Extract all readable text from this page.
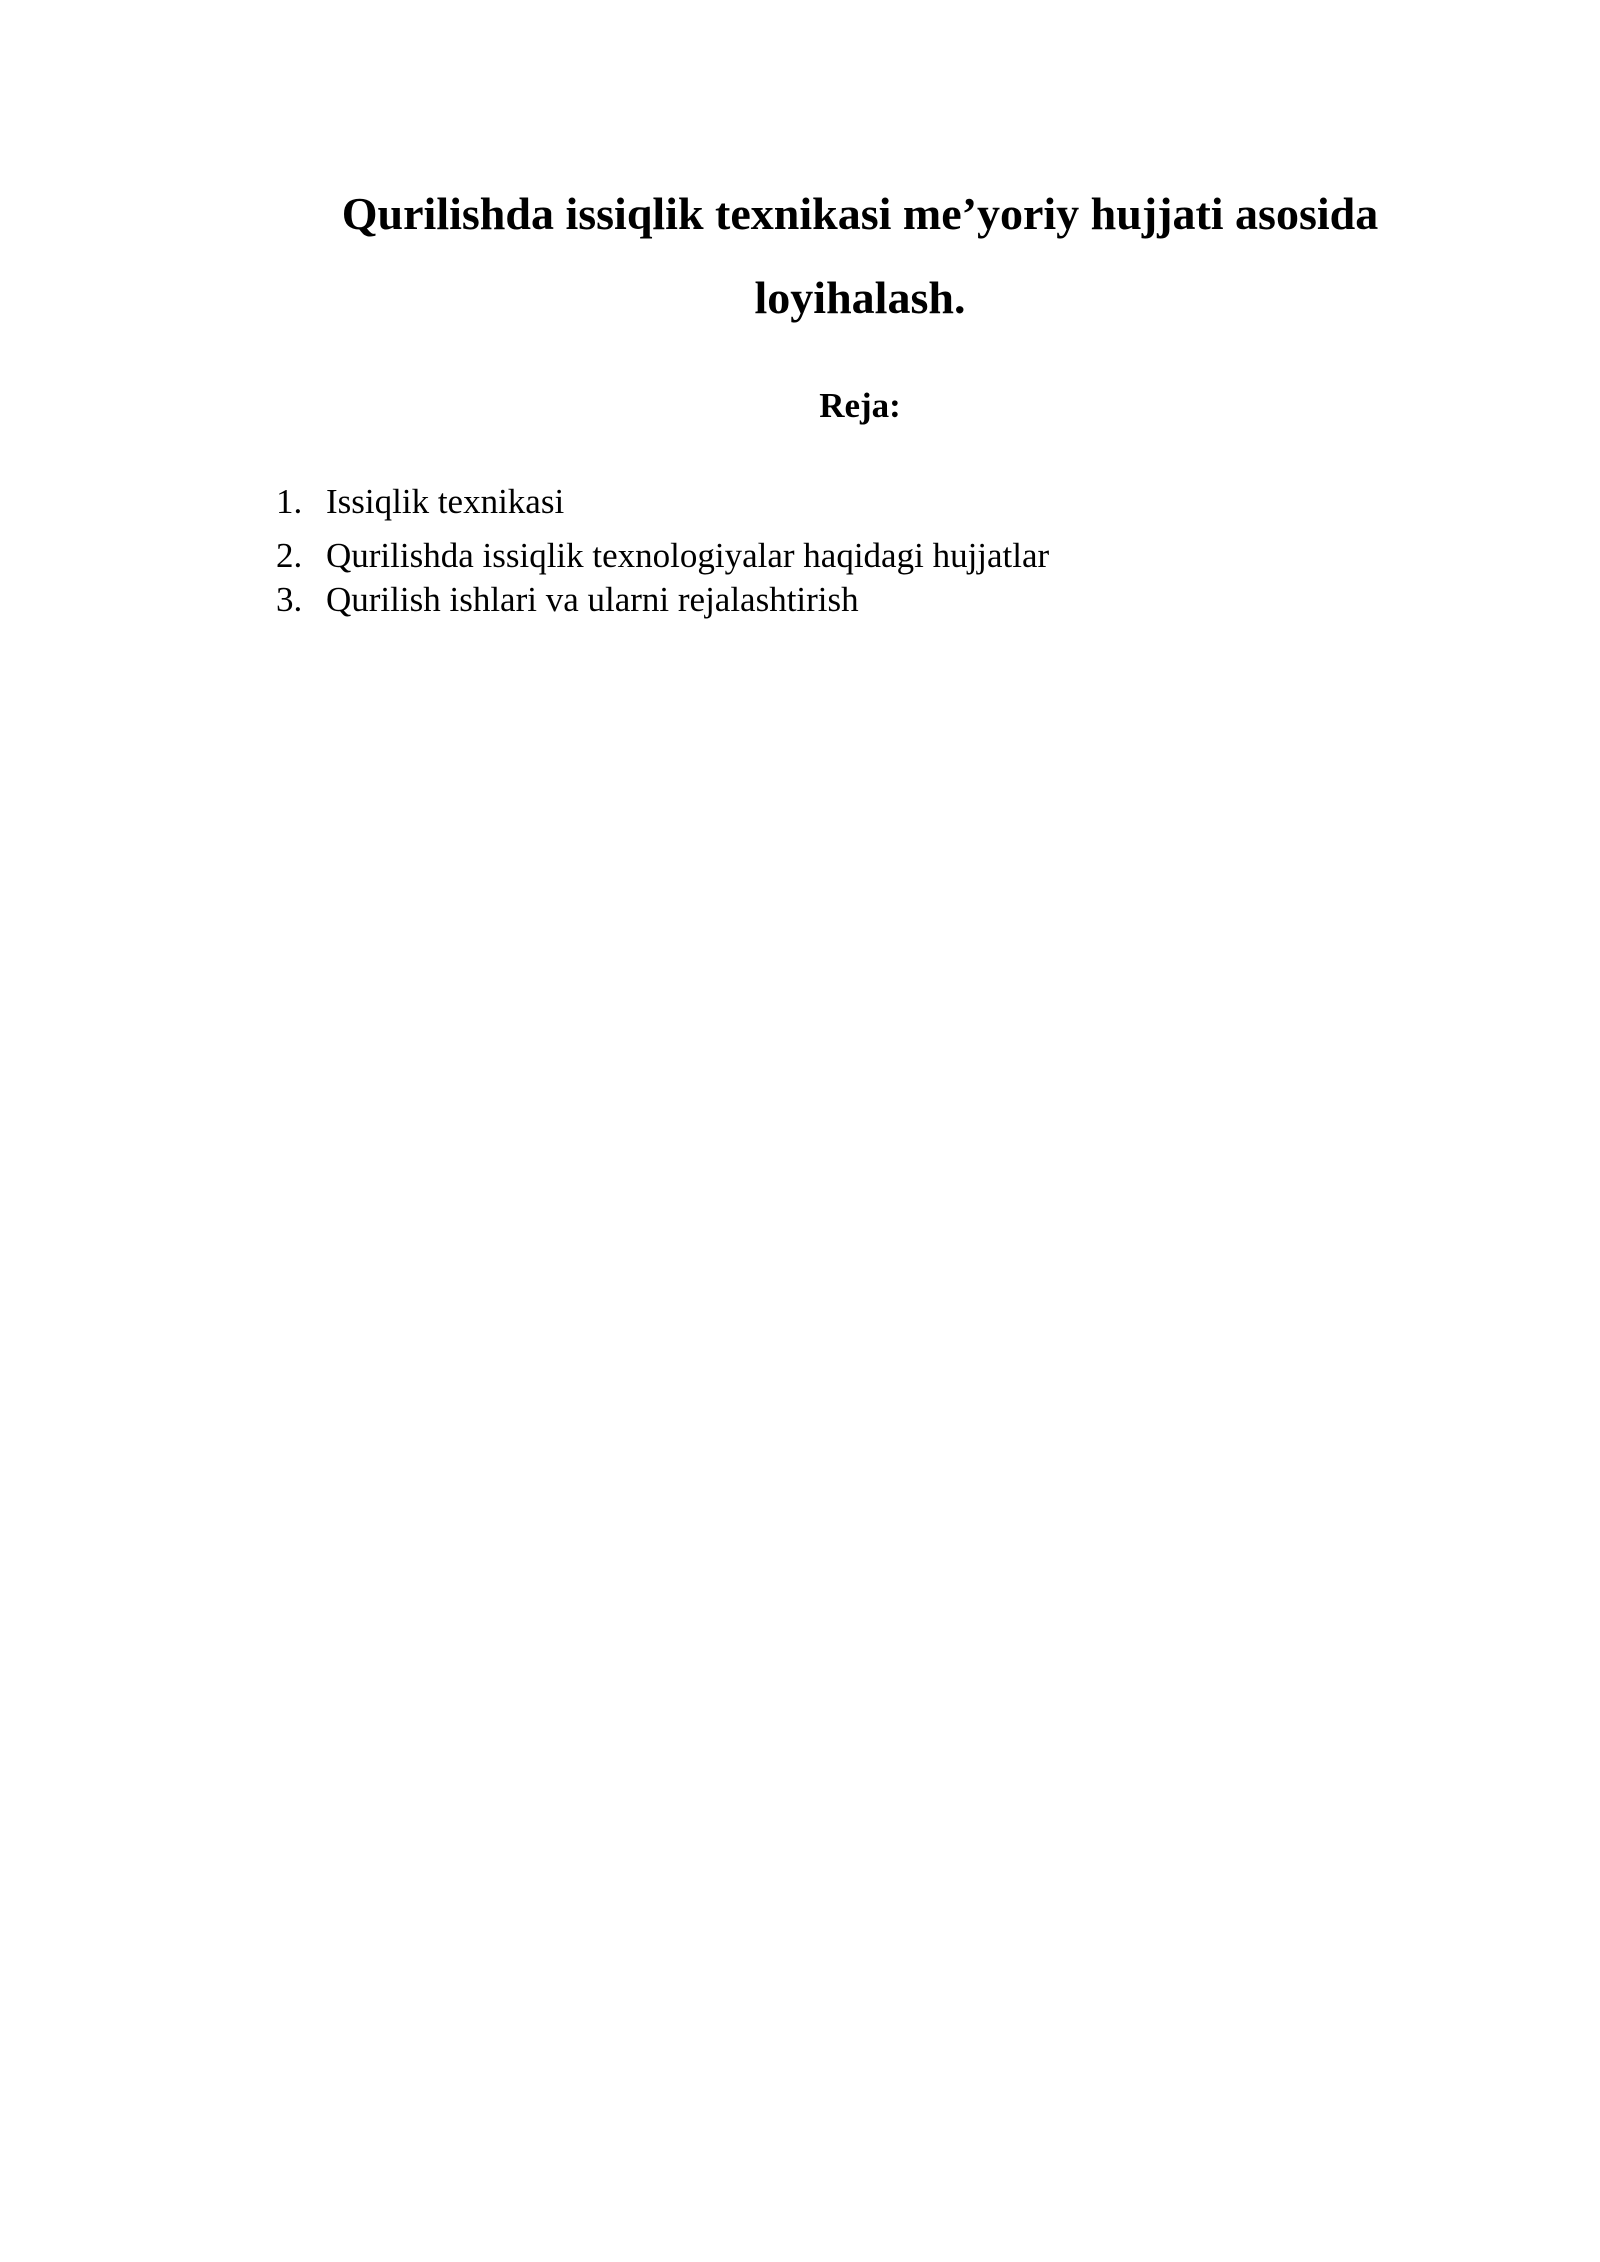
Qurilishda issiqlik texnikasi me’yoriy hujjati asosida loyihalash.
Reja:
1. Issiqlik texnikasi
2. Qurilishda issiqlik texnologiyalar haqidagi hujjatlar
3. Qurilish ishlari va ularni rejalashtirish
